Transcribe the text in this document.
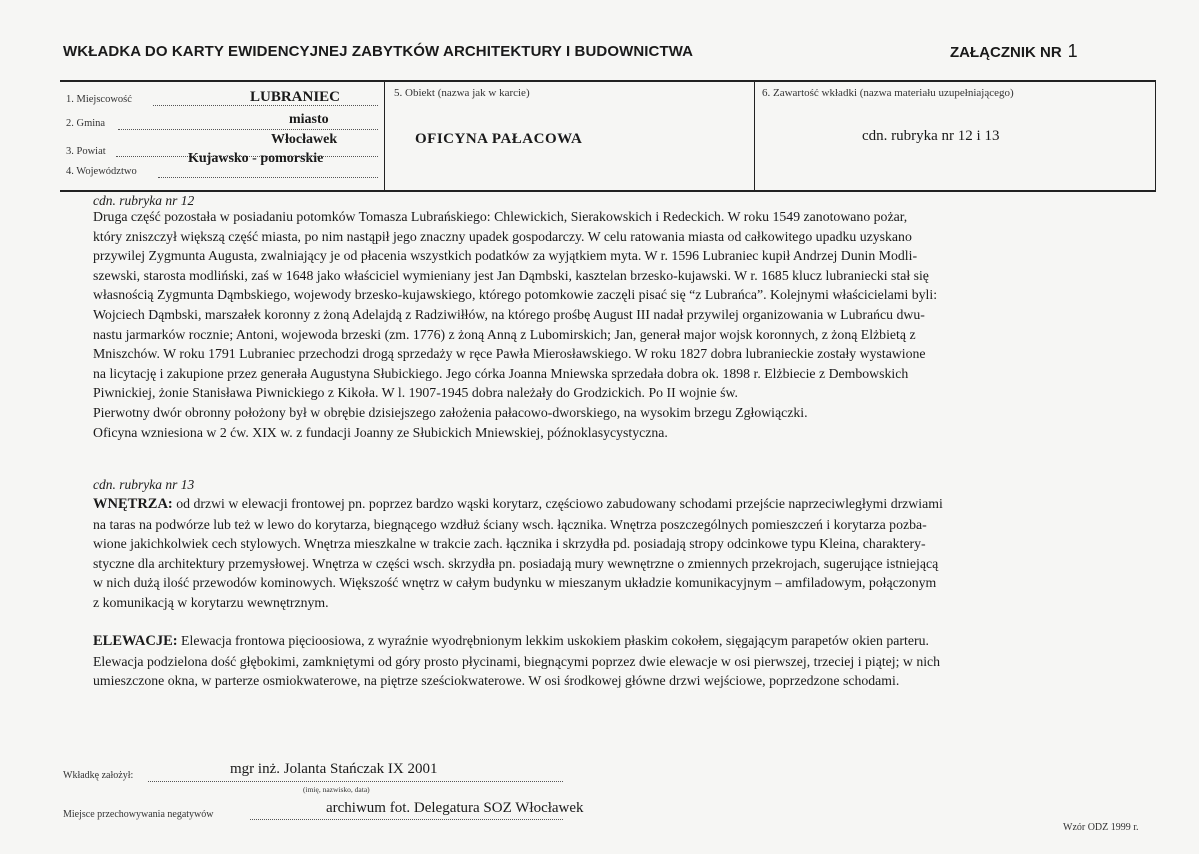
WKŁADKA DO KARTY EWIDENCYJNEJ ZABYTKÓW ARCHITEKTURY I BUDOWNICTWA	ZAŁĄCZNIK NR 1
1. Miejscowość	LUBRANIEC
2. Gmina	miasto
3. Powiat
Włocławek
4. Województwo
Kujawsko - pomorskie
5. Obiekt (nazwa jak w karcie)
OFICYNA PAŁACOWA
6. Zawartość wkładki (nazwa materiału uzupełniającego)
cdn. rubryka nr 12 i 13
cdn. rubryka nr 12
Druga część pozostała w posiadaniu potomków Tomasza Lubrańskiego: Chlewickich, Sierakowskich i Redeckich. W roku 1549 zanotowano pożar,
który zniszczył większą część miasta, po nim nastąpił jego znaczny upadek gospodarczy. W celu ratowania miasta od całkowitego upadku uzyskano
przywilej Zygmunta Augusta, zwalniający je od płacenia wszystkich podatków za wyjątkiem myta. W r. 1596 Lubraniec kupił Andrzej Dunin Modli-
szewski, starosta modliński, zaś w 1648 jako właściciel wymieniany jest Jan Dąmbski, kasztelan brzesko-kujawski. W r. 1685 klucz lubraniecki stał się
własnością Zygmunta Dąmbskiego, wojewody brzesko-kujawskiego, którego potomkowie zaczęli pisać się “z Lubrańca”. Kolejnymi właścicielami byli:
Wojciech Dąmbski, marszałek koronny z żoną Adelajdą z Radziwiłłów, na którego prośbę August III nadał przywilej organizowania w Lubrańcu dwu-
nastu jarmarków rocznie; Antoni, wojewoda brzeski (zm. 1776) z żoną Anną z Lubomirskich; Jan, generał major wojsk koronnych, z żoną Elżbietą z
Mniszchów. W roku 1791 Lubraniec przechodzi drogą sprzedaży w ręce Pawła Mierosławskiego. W roku 1827 dobra lubranieckie zostały wystawione
na licytację i zakupione przez generała Augustyna Słubickiego. Jego córka Joanna Mniewska sprzedała dobra ok. 1898 r. Elżbiecie z Dembowskich
Piwnickiej, żonie Stanisława Piwnickiego z Kikoła. W l. 1907-1945 dobra należały do Grodzickich. Po II wojnie św.
Pierwotny dwór obronny położony był w obrębie dzisiejszego założenia pałacowo-dworskiego, na wysokim brzegu Zgłowiączki.
Oficyna wzniesiona w 2 ćw. XIX w. z fundacji Joanny ze Słubickich Mniewskiej, późnoklasycystyczna.
cdn. rubryka nr 13
WNĘTRZA: od drzwi w elewacji frontowej pn. poprzez bardzo wąski korytarz, częściowo zabudowany schodami przejście naprzeciwległymi drzwiami
na taras na podwórze lub też w lewo do korytarza, biegnącego wzdłuż ściany wsch. łącznika. Wnętrza poszczególnych pomieszczeń i korytarza pozba-
wione jakichkolwiek cech stylowych. Wnętrza mieszkalne w trakcie zach. łącznika i skrzydła pd. posiadają stropy odcinkowe typu Kleina, charaktery-
styczne dla architektury przemysłowej. Wnętrza w części wsch. skrzydła pn. posiadają mury wewnętrzne o zmiennych przekrojach, sugerujące istniejącą
w nich dużą ilość przewodów kominowych. Większość wnętrz w całym budynku w mieszanym układzie komunikacyjnym – amfiladowym, połączonym
z komunikacją w korytarzu wewnętrznym.
ELEWACJE: Elewacja frontowa pięcioosiowa, z wyraźnie wyodrębnionym lekkim uskokiem płaskim cokołem, sięgającym parapetów okien parteru.
Elewacja podzielona dość głębokimi, zamkniętymi od góry prosto płycinami, biegnącymi poprzez dwie elewacje w osi pierwszej, trzeciej i piątej; w nich
umieszczone okna, w parterze osmiokwaterowe, na piętrze sześciokwaterowe. W osi środkowej główne drzwi wejściowe, poprzedzone schodami.
Wkładkę założył:	mgr inż. Jolanta Stańczak IX 2001
(imię, nazwisko, data)
Miejsce przechowywania negatywów	archiwum fot. Delegatura SOZ Włocławek
Wzór ODZ 1999 r.
